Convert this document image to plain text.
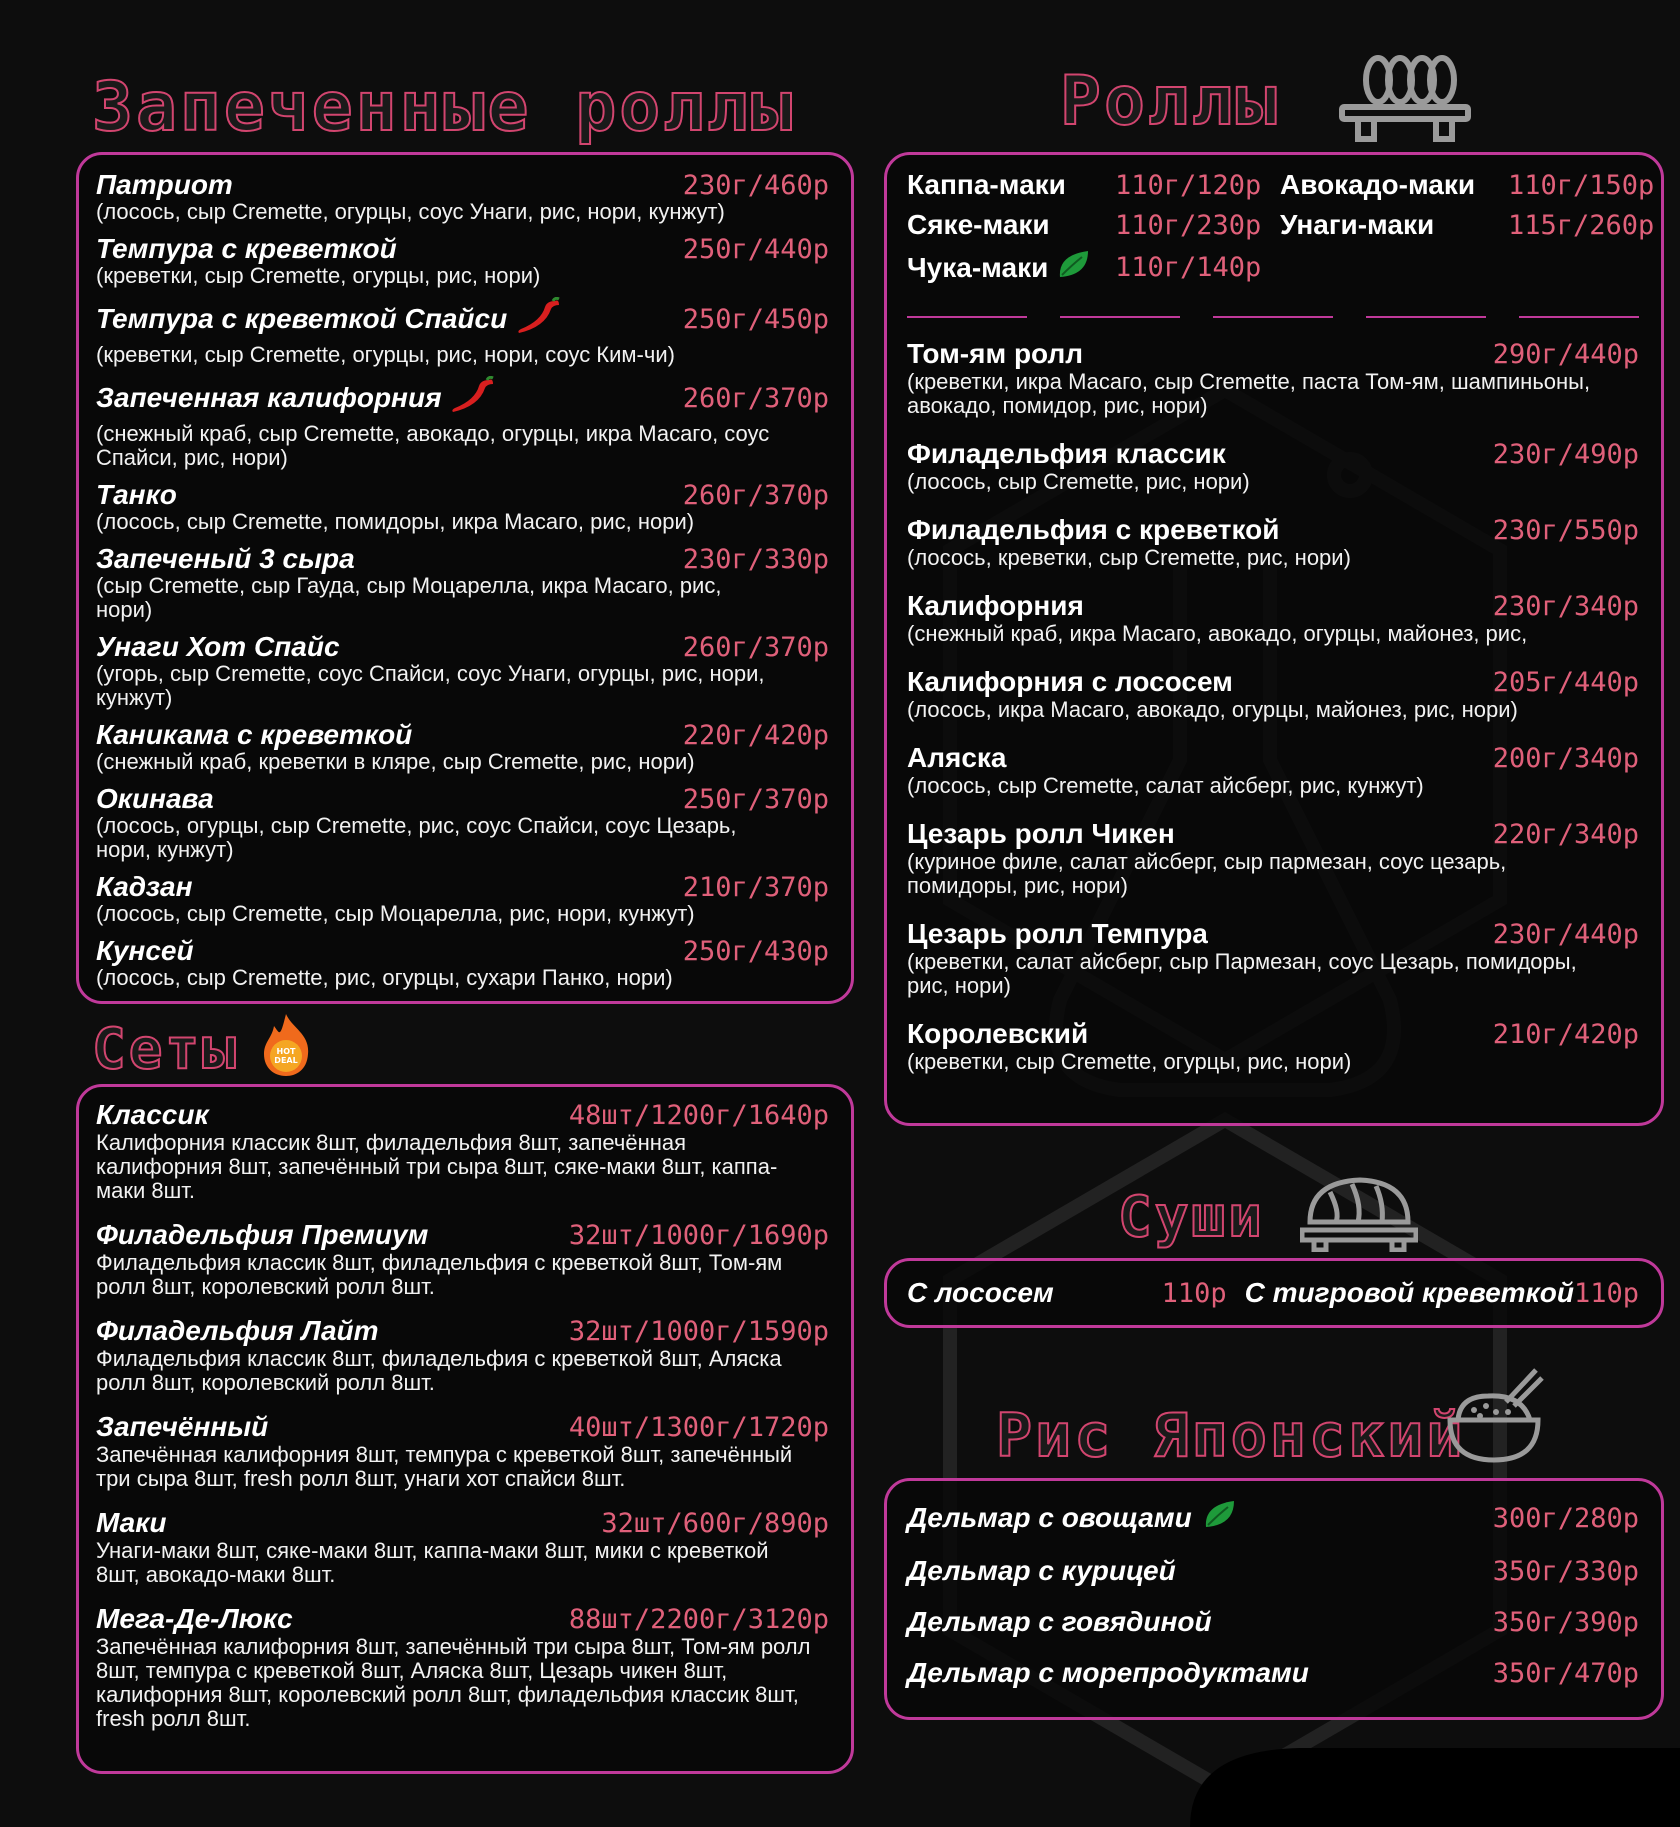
Запеченные роллы	Роллы
Сеты	HOT
DEAL
Суши
Рис Японский
Патриот	230г/460р
(лосось, сыр Cremette, огурцы, соус Унаги, рис, нори, кунжут)
Темпура с креветкой	250г/440р
(креветки, сыр Cremette, огурцы, рис, нори)
Темпура с креветкой Спайси	250г/450р
(креветки, сыр Cremette, огурцы, рис, нори, соус Ким-чи)
Запеченная калифорния	260г/370р
(снежный краб, сыр Cremette, авокадо, огурцы, икра Масаго, соус Спайси, рис, нори)
Танко	260г/370р
(лосось, сыр Cremette, помидоры, икра Масаго, рис, нори)
Запеченый 3 сыра	230г/330р
(сыр Cremette, сыр Гауда, сыр Моцарелла, икра Масаго, рис, нори)
Унаги Хот Спайс	260г/370р
(угорь, сыр Cremette, соус Спайси, соус Унаги, огурцы, рис, нори, кунжут)
Каникама с креветкой	220г/420р
(снежный краб, креветки в кляре, сыр Cremette, рис, нори)
Окинава	250г/370р
(лосось, огурцы, сыр Cremette, рис, соус Спайси, соус Цезарь, нори, кунжут)
Кадзан	210г/370р
(лосось, сыр Cremette, сыр Моцарелла, рис, нори, кунжут)
Кунсей	250г/430р
(лосось, сыр Cremette, рис, огурцы, сухари Панко, нори)
Классик	48шт/1200г/1640р
Калифорния классик 8шт, филадельфия 8шт, запечённая калифорния 8шт, запечённый три сыра 8шт, сяке-маки 8шт, каппа-маки 8шт.
Филадельфия Премиум	32шт/1000г/1690р
Филадельфия классик 8шт, филадельфия с креветкой 8шт, Том-ям ролл 8шт, королевский ролл 8шт.
Филадельфия Лайт	32шт/1000г/1590р
Филадельфия классик 8шт, филадельфия с креветкой 8шт, Аляска ролл 8шт, королевский ролл 8шт.
Запечённый	40шт/1300г/1720р
Запечённая калифорния 8шт, темпура с креветкой 8шт, запечённый три сыра 8шт, fresh ролл 8шт, унаги хот спайси 8шт.
Маки	32шт/600г/890р
Унаги-маки 8шт, сяке-маки 8шт, каппа-маки 8шт, мики с креветкой 8шт, авокадо-маки 8шт.
Мега-Де-Люкс	88шт/2200г/3120р
Запечённая калифорния 8шт, запечённый три сыра 8шт, Том-ям ролл 8шт, темпура с креветкой 8шт, Аляска 8шт, Цезарь чикен 8шт, калифорния 8шт, королевский ролл 8шт, филадельфия классик 8шт, fresh ролл 8шт.
Каппа-маки 110г/120р Авокадо-маки 110г/150р
Сяке-маки 110г/230р Унаги-маки	115г/260р
Чука-маки 110г/140р
Том-ям ролл	290г/440р
(креветки, икра Масаго, сыр Cremette, паста Том-ям, шампиньоны, авокадо, помидор, рис, нори)
Филадельфия классик	230г/490р
(лосось, сыр Cremette, рис, нори)
Филадельфия с креветкой	230г/550р
(лосось, креветки, сыр Cremette, рис, нори)
Калифорния	230г/340р
(снежный краб, икра Масаго, авокадо, огурцы, майонез, рис,
Калифорния с лососем	205г/440р
(лосось, икра Масаго, авокадо, огурцы, майонез, рис, нори)
Аляска	200г/340р
(лосось, сыр Cremette, салат айсберг, рис, кунжут)
Цезарь ролл Чикен	220г/340р
(куриное филе, салат айсберг, сыр пармезан, соус цезарь, помидоры, рис, нори)
Цезарь ролл Темпура	230г/440р
(креветки, салат айсберг, сыр Пармезан, соус Цезарь, помидоры, рис, нори)
Королевский	210г/420р
(креветки, сыр Cremette, огурцы, рис, нори)
С лососем	110р С тигровой креветкой 110р
Дельмар с овощами	300г/280р
Дельмар с курицей	350г/330р
Дельмар с говядиной	350г/390р
Дельмар с морепродуктами	350г/470р
